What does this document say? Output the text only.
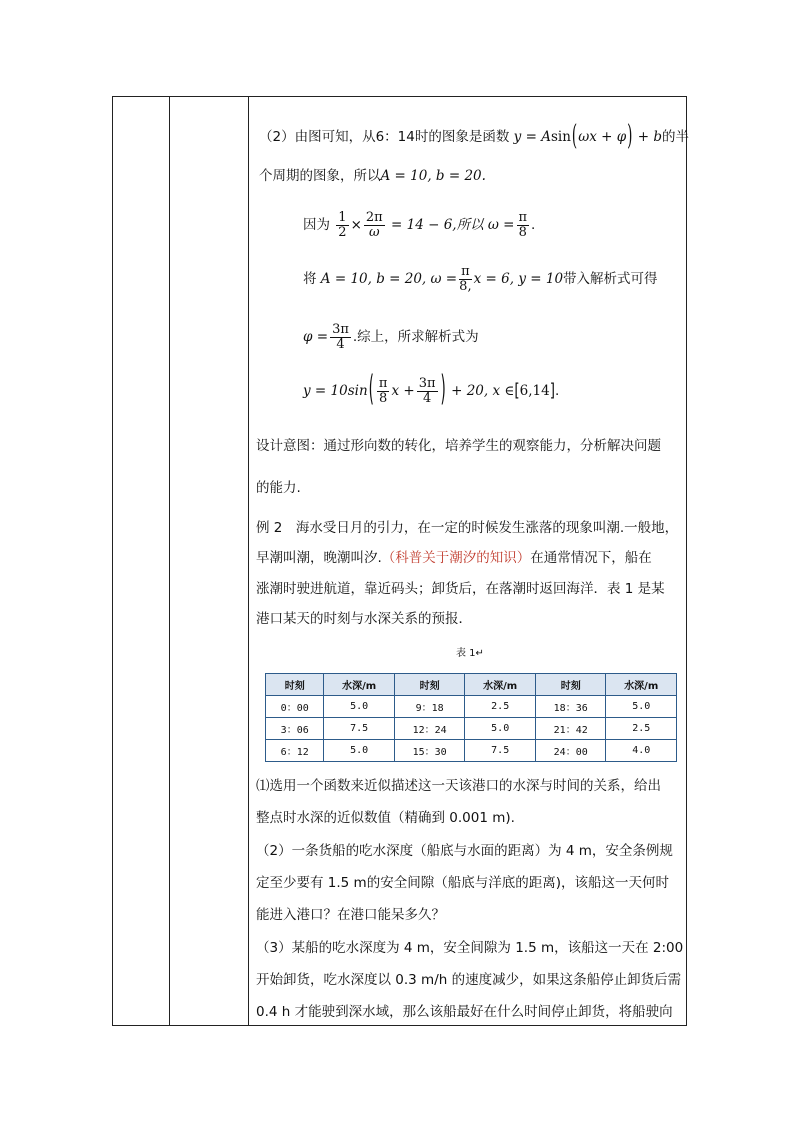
（2）由图可知，从6：14时的图象是函数 y = Asin(ωx + φ) + b的半
个周期的图象，所以A = 10, b = 20.
因为 $\frac{1}{2} \times \frac{2\pi}{\omega} = 14 - 6$,所以 $\omega = \frac{\pi}{8}$ .
将 A = 10, b = 20, $\omega = \frac{\pi}{8,}$ x = 6, y = 10带入解析式可得
$\varphi = \frac{3\pi}{4}$ .综上，所求解析式为
$y = 10\sin( \frac{\pi}{8}$ $x + \frac{3\pi}{4}$ ) + 20, x ∈[6,14].
设计意图：通过形向数的转化，培养学生的观察能力，分析解决问题
的能力.
例 2　海水受日月的引力，在一定的时候发生涨落的现象叫潮.一般地，
早潮叫潮，晚潮叫汐.（科普关于潮汐的知识）在通常情况下，船在
涨潮时驶进航道，靠近码头；卸货后，在落潮时返回海洋．表 1 是某
港口某天的时刻与水深关系的预报．
表 1↵
时刻	水深/m	时刻	水深/m	时刻	水深/m
0：00	5.0	9：18	2.5	18：36	5.0
3：06	7.5	12：24	5.0	21：42	2.5
6：12	5.0	15：30	7.5	24：00	4.0
⑴选用一个函数来近似描述这一天该港口的水深与时间的关系，给出
整点时水深的近似数值（精确到 0.001 m).
（2）一条货船的吃水深度（船底与水面的距离）为 4 m，安全条例规
定至少要有 1.5 m的安全间隙（船底与洋底的距离)，该船这一天何时
能进入港口？在港口能呆多久？
（3）某船的吃水深度为 4 m，安全间隙为 1.5 m，该船这一天在 2:00
开始卸货，吃水深度以 0.3 m/h 的速度减少，如果这条船停止卸货后需
0.4 h 才能驶到深水域，那么该船最好在什么时间停止卸货，将船驶向
